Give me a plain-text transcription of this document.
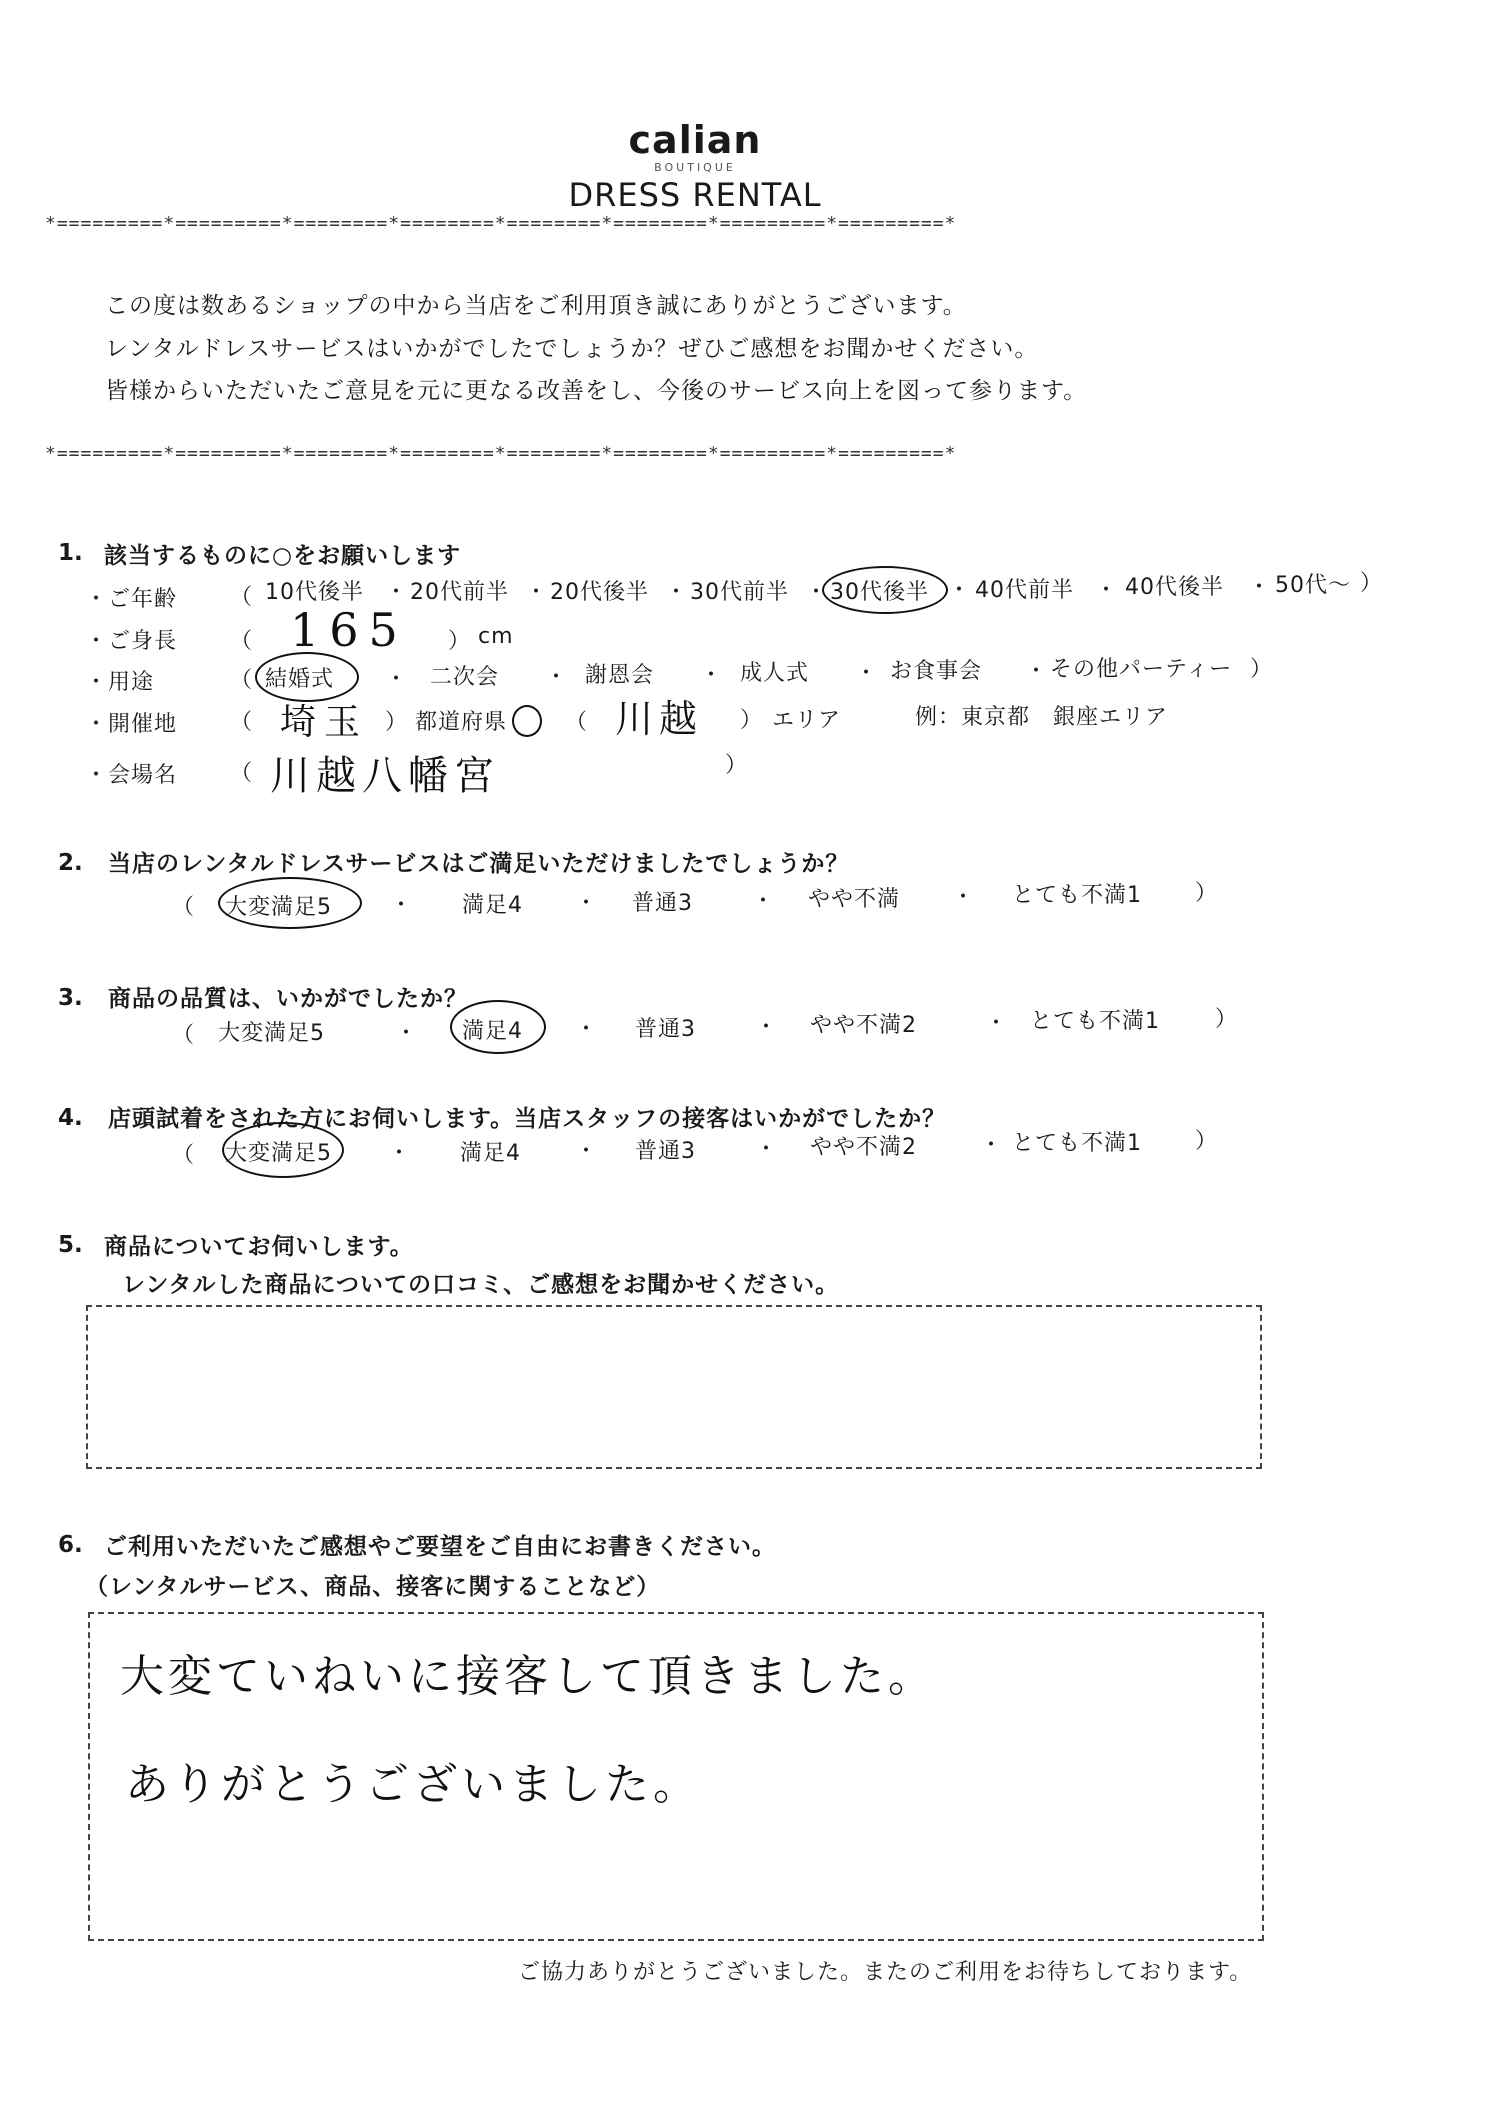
calian
BOUTIQUE
DRESS RENTAL
*=========*=========*========*========*========*========*=========*=========*
この度は数あるショップの中から当店をご利用頂き誠にありがとうございます。
レンタルドレスサービスはいかがでしたでしょうか？ぜひご感想をお聞かせください。
皆様からいただいたご意見を元に更なる改善をし、今後のサービス向上を図って参ります。
*=========*=========*========*========*========*========*=========*=========*
1. 該当するものに○をお願いします
・ ご年齢 （ 10代後半 ・ 20代前半 ・ 20代後半 ・ 30代前半 ・ 30代後半 ・ 40代前半 ・ 40代後半 ・ 50代～ ）
・ ご身長 （ 165 ） cm
・ 用途	（ 結婚式 ・ 二次会 ・ 謝恩会 ・ 成人式 ・ お食事会 ・ その他パーティー ）
・ 開催地 （ 埼玉 ） 都道府県	（ 川越 ） エリア	例：東京都　銀座エリア
・ 会場名 （ 川越八幡宮	）
2. 当店のレンタルドレスサービスはご満足いただけましたでしょうか？
（ 大変満足5	・ 満足4 ・ 普通3	・ やや不満 ・ とても不満1 ）
3. 商品の品質は、いかがでしたか？
（ 大変満足5	・ 満足4 ・ 普通3	・ やや不満2	・ とても不満1	）
4. 店頭試着をされた方にお伺いします。当店スタッフの接客はいかがでしたか？
（ 大変満足5	・ 満足4 ・ 普通3	・ やや不満2	・ とても不満1 ）
5. 商品についてお伺いします。
レンタルした商品についての口コミ、ご感想をお聞かせください。
6. ご利用いただいたご感想やご要望をご自由にお書きください。
（レンタルサービス、商品、接客に関することなど）
大変ていねいに接客して頂きました。
ありがとうございました。
ご協力ありがとうございました。またのご利用をお待ちしております。
